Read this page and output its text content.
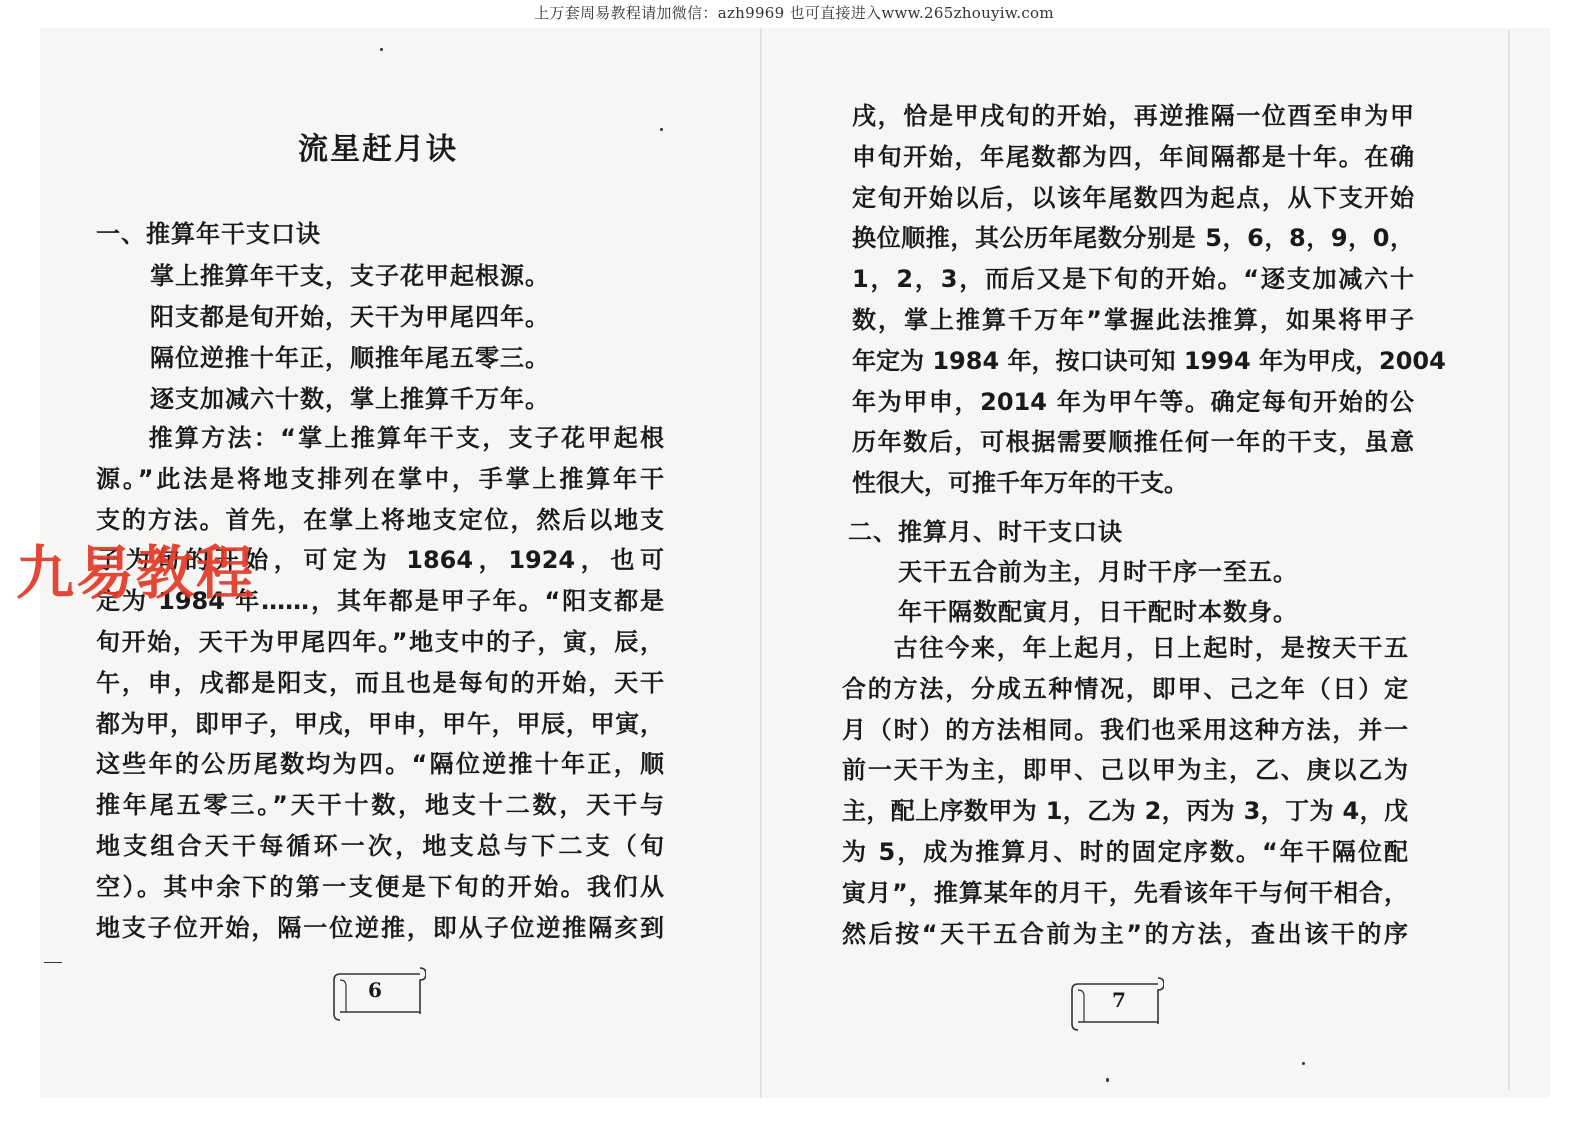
上万套周易教程请加微信：azh9969 也可直接进入www.265zhouyiw.com
流星赶月诀
一、推算年干支口诀
掌上推算年干支，支子花甲起根源。
阳支都是旬开始，天干为甲尾四年。
隔位逆推十年正，顺推年尾五零三。
逐支加减六十数，掌上推算千万年。
　　推算方法：“掌上推算年干支，支子花甲起根
源。”此法是将地支排列在掌中，手掌上推算年干
支的方法。首先，在掌上将地支定位，然后以地支
子为旬的开始，可定为 1864，1924，也可
定为 1984 年……，其年都是甲子年。“阳支都是
旬开始，天干为甲尾四年。”地支中的子，寅，辰，
午，申，戌都是阳支，而且也是每旬的开始，天干
都为甲，即甲子，甲戌，甲申，甲午，甲辰，甲寅，
这些年的公历尾数均为四。“隔位逆推十年正，顺
推年尾五零三。”天干十数，地支十二数，天干与
地支组合天干每循环一次，地支总与下二支（旬
空）。其中余下的第一支便是下旬的开始。我们从
地支子位开始，隔一位逆推，即从子位逆推隔亥到
6
戌，恰是甲戌旬的开始，再逆推隔一位酉至申为甲
申旬开始，年尾数都为四，年间隔都是十年。在确
定旬开始以后，以该年尾数四为起点，从下支开始
换位顺推，其公历年尾数分别是 5，6，8，9，0，
1，2，3，而后又是下旬的开始。“逐支加减六十
数，掌上推算千万年”掌握此法推算，如果将甲子
年定为 1984 年，按口诀可知 1994 年为甲戌，2004
年为甲申，2014 年为甲午等。确定每旬开始的公
历年数后，可根据需要顺推任何一年的干支，虽意
性很大，可推千年万年的干支。
二、推算月、时干支口诀
天干五合前为主，月时干序一至五。
年干隔数配寅月，日干配时本数身。
　　古往今来，年上起月，日上起时，是按天干五
合的方法，分成五种情况，即甲、己之年（日）定
月（时）的方法相同。我们也采用这种方法，并一
前一天干为主，即甲、己以甲为主，乙、庚以乙为
主，配上序数甲为 1，乙为 2，丙为 3，丁为 4，戊
为 5，成为推算月、时的固定序数。“年干隔位配
寅月”，推算某年的月干，先看该年干与何干相合，
然后按“天干五合前为主”的方法，查出该干的序
7
九易教程
